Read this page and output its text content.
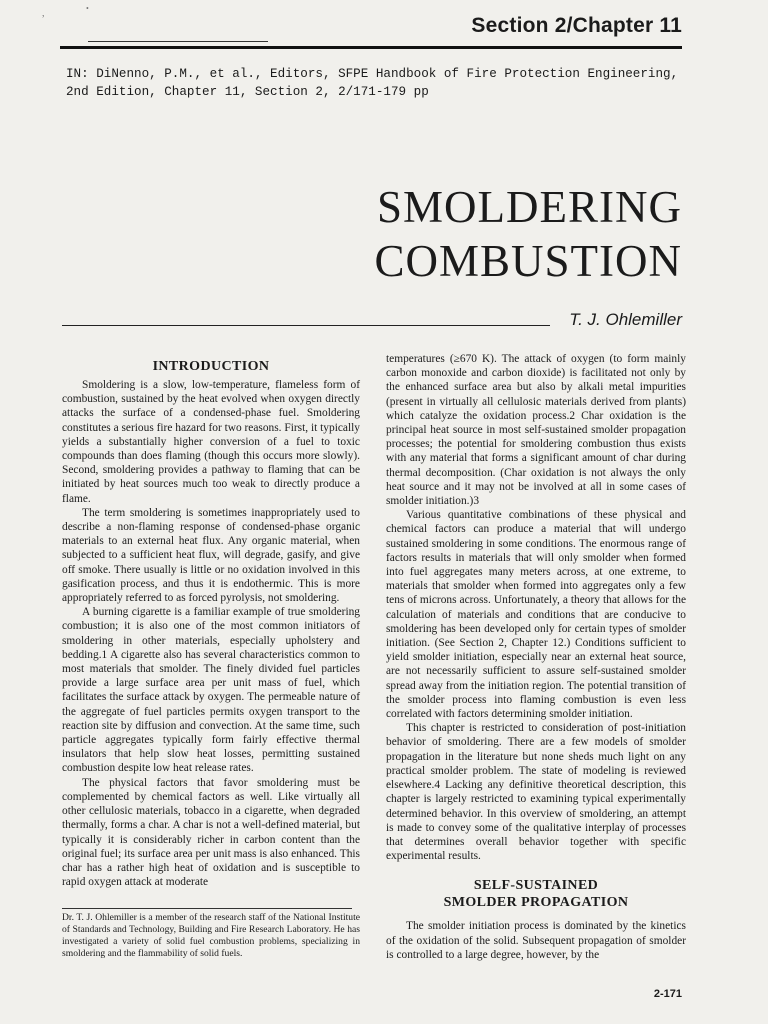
,	•
Section 2/Chapter 11
IN: DiNenno, P.M., et al., Editors, SFPE Handbook of Fire Protection Engineering,
2nd Edition, Chapter 11, Section 2, 2/171-179 pp
SMOLDERING
COMBUSTION
T. J. Ohlemiller
INTRODUCTION

Smoldering is a slow, low-temperature, flameless form of combustion, sustained by the heat evolved when oxygen directly attacks the surface of a condensed-phase fuel. Smoldering constitutes a serious fire hazard for two reasons. First, it typically yields a substantially higher conversion of a fuel to toxic compounds than does flaming (though this occurs more slowly). Second, smoldering provides a pathway to flaming that can be initiated by heat sources much too weak to directly produce a flame.

The term smoldering is sometimes inappropriately used to describe a non-flaming response of condensed-phase organic materials to an external heat flux. Any organic material, when subjected to a sufficient heat flux, will degrade, gasify, and give off smoke. There usually is little or no oxidation involved in this gasification process, and thus it is endothermic. This is more appropriately referred to as forced pyrolysis, not smoldering.

A burning cigarette is a familiar example of true smoldering combustion; it is also one of the most common initiators of smoldering in other materials, especially upholstery and bedding.1 A cigarette also has several characteristics common to most materials that smolder. The finely divided fuel particles provide a large surface area per unit mass of fuel, which facilitates the surface attack by oxygen. The permeable nature of the aggregate of fuel particles permits oxygen transport to the reaction site by diffusion and convection. At the same time, such particle aggregates typically form fairly effective thermal insulators that help slow heat losses, permitting sustained combustion despite low heat release rates.

The physical factors that favor smoldering must be complemented by chemical factors as well. Like virtually all other cellulosic materials, tobacco in a cigarette, when degraded thermally, forms a char. A char is not a well-defined material, but typically it is considerably richer in carbon content than the original fuel; its surface area per unit mass is also enhanced. This char has a rather high heat of oxidation and is susceptible to rapid oxygen attack at moderate

Dr. T. J. Ohlemiller is a member of the research staff of the National Institute of Standards and Technology, Building and Fire Research Laboratory. He has investigated a variety of solid fuel combustion problems, specializing in smoldering and the flammability of solid fuels.

temperatures (≥670 K). The attack of oxygen (to form mainly carbon monoxide and carbon dioxide) is facilitated not only by the enhanced surface area but also by alkali metal impurities (present in virtually all cellulosic materials derived from plants) which catalyze the oxidation process.2 Char oxidation is the principal heat source in most self-sustained smolder propagation processes; the potential for smoldering combustion thus exists with any material that forms a significant amount of char during thermal decomposition. (Char oxidation is not always the only heat source and it may not be involved at all in some cases of smolder initiation.)3

Various quantitative combinations of these physical and chemical factors can produce a material that will undergo sustained smoldering in some conditions. The enormous range of factors results in materials that will only smolder when formed into fuel aggregates many meters across, at one extreme, to materials that smolder when formed into aggregates only a few tens of microns across. Unfortunately, a theory that allows for the calculation of materials and conditions that are conducive to smoldering has been developed only for certain types of smolder initiation. (See Section 2, Chapter 12.) Conditions sufficient to yield smolder initiation, especially near an external heat source, are not necessarily sufficient to assure self-sustained smolder spread away from the initiation region. The potential transition of the smolder process into flaming combustion is even less correlated with factors determining smolder initiation.

This chapter is restricted to consideration of post-initiation behavior of smoldering. There are a few models of smolder propagation in the literature but none sheds much light on any practical smolder problem. The state of modeling is reviewed elsewhere.4 Lacking any definitive theoretical description, this chapter is largely restricted to examining typical experimentally determined behavior. In this overview of smoldering, an attempt is made to convey some of the qualitative interplay of processes that determines overall behavior together with specific experimental results.

SELF-SUSTAINED
SMOLDER PROPAGATION

The smolder initiation process is dominated by the kinetics of the oxidation of the solid. Subsequent propagation of smolder is controlled to a large degree, however, by the

2-171
